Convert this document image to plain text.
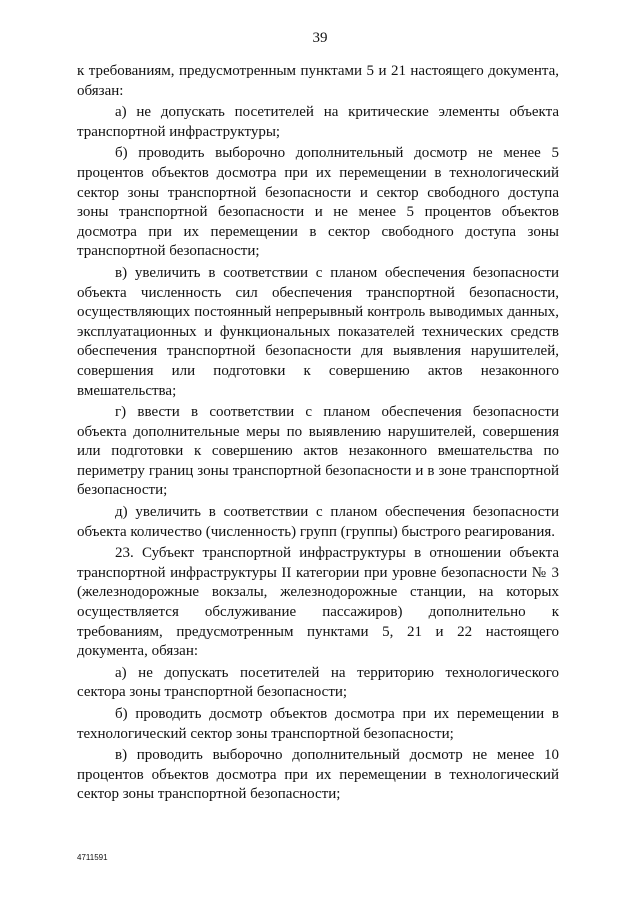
39

к требованиям, предусмотренным пунктами 5 и 21 настоящего документа, обязан:

а) не допускать посетителей на критические элементы объекта транспортной инфраструктуры;

б) проводить выборочно дополнительный досмотр не менее 5 процентов объектов досмотра при их перемещении в технологический сектор зоны транспортной безопасности и сектор свободного доступа зоны транспортной безопасности и не менее 5 процентов объектов досмотра при их перемещении в сектор свободного доступа зоны транспортной безопасности;

в) увеличить в соответствии с планом обеспечения безопасности объекта численность сил обеспечения транспортной безопасности, осуществляющих постоянный непрерывный контроль выводимых данных, эксплуатационных и функциональных показателей технических средств обеспечения транспортной безопасности для выявления нарушителей, совершения или подготовки к совершению актов незаконного вмешательства;

г) ввести в соответствии с планом обеспечения безопасности объекта дополнительные меры по выявлению нарушителей, совершения или подготовки к совершению актов незаконного вмешательства по периметру границ зоны транспортной безопасности и в зоне транспортной безопасности;

д) увеличить в соответствии с планом обеспечения безопасности объекта количество (численность) групп (группы) быстрого реагирования.

23. Субъект транспортной инфраструктуры в отношении объекта транспортной инфраструктуры II категории при уровне безопасности № 3 (железнодорожные вокзалы, железнодорожные станции, на которых осуществляется обслуживание пассажиров) дополнительно к требованиям, предусмотренным пунктами 5, 21 и 22 настоящего документа, обязан:

а) не допускать посетителей на территорию технологического сектора зоны транспортной безопасности;

б) проводить досмотр объектов досмотра при их перемещении в технологический сектор зоны транспортной безопасности;

в) проводить выборочно дополнительный досмотр не менее 10 процентов объектов досмотра при их перемещении в технологический сектор зоны транспортной безопасности;

4711591
